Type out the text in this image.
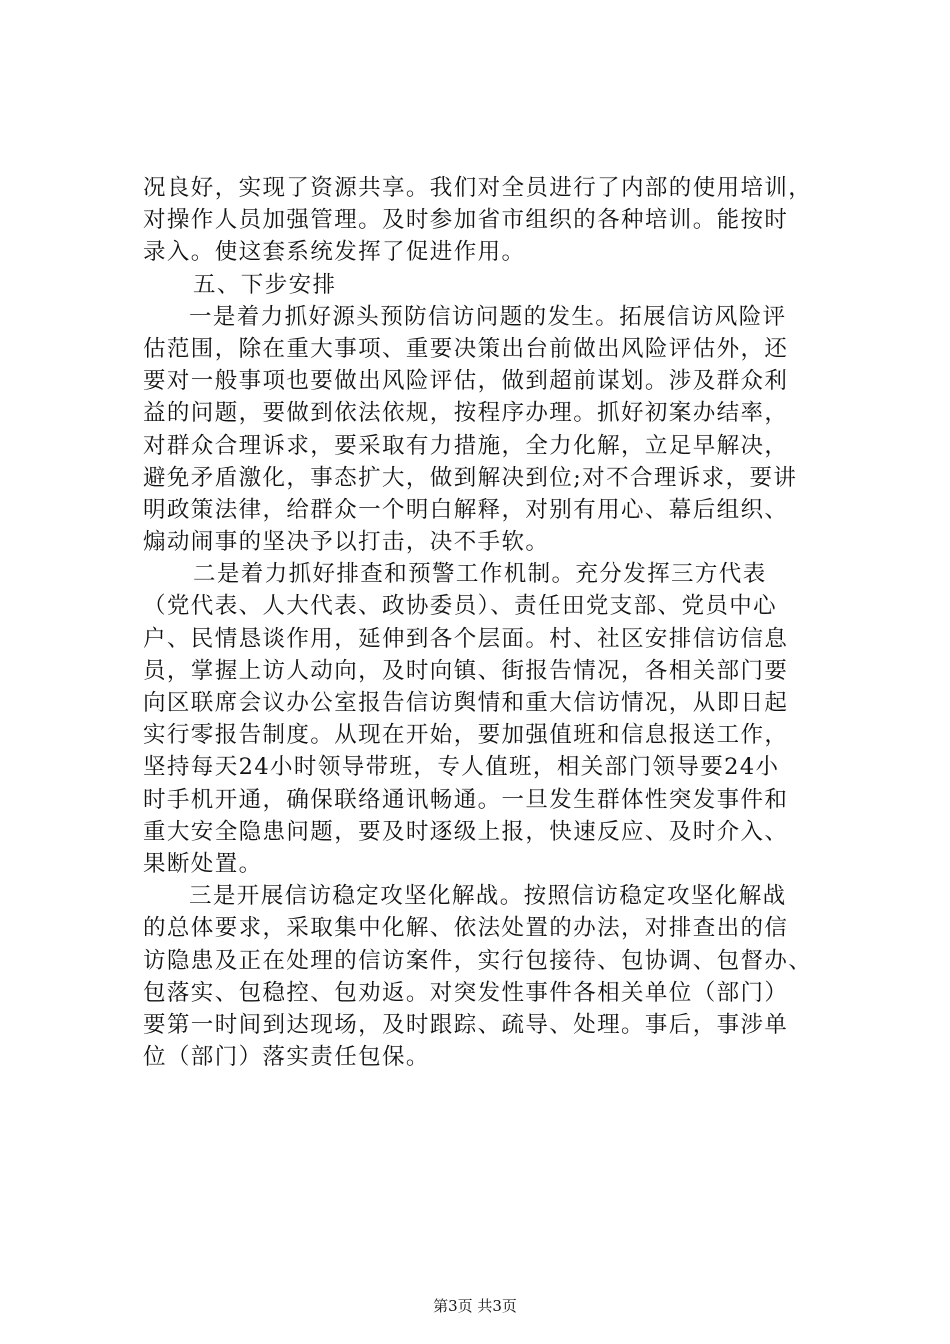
况良好，实现了资源共享。我们对全员进行了内部的使用培训，
对操作人员加强管理。及时参加省市组织的各种培训。能按时
录入。使这套系统发挥了促进作用。
五、下步安排
一是着力抓好源头预防信访问题的发生。拓展信访风险评
估范围，除在重大事项、重要决策出台前做出风险评估外，还
要对一般事项也要做出风险评估，做到超前谋划。涉及群众利
益的问题，要做到依法依规，按程序办理。抓好初案办结率，
对群众合理诉求，要采取有力措施，全力化解，立足早解决，
避免矛盾激化，事态扩大，做到解决到位;对不合理诉求，要讲
明政策法律，给群众一个明白解释，对别有用心、幕后组织、
煽动闹事的坚决予以打击，决不手软。
二是着力抓好排查和预警工作机制。充分发挥三方代表
（党代表、人大代表、政协委员）、责任田党支部、党员中心
户、民情恳谈作用，延伸到各个层面。村、社区安排信访信息
员，掌握上访人动向，及时向镇、街报告情况，各相关部门要
向区联席会议办公室报告信访舆情和重大信访情况，从即日起
实行零报告制度。从现在开始，要加强值班和信息报送工作，
坚持每天24小时领导带班，专人值班，相关部门领导要24小
时手机开通，确保联络通讯畅通。一旦发生群体性突发事件和
重大安全隐患问题，要及时逐级上报，快速反应、及时介入、
果断处置。
三是开展信访稳定攻坚化解战。按照信访稳定攻坚化解战
的总体要求，采取集中化解、依法处置的办法，对排查出的信
访隐患及正在处理的信访案件，实行包接待、包协调、包督办、
包落实、包稳控、包劝返。对突发性事件各相关单位（部门）
要第一时间到达现场，及时跟踪、疏导、处理。事后，事涉单
位（部门）落实责任包保。
第3页 共3页
